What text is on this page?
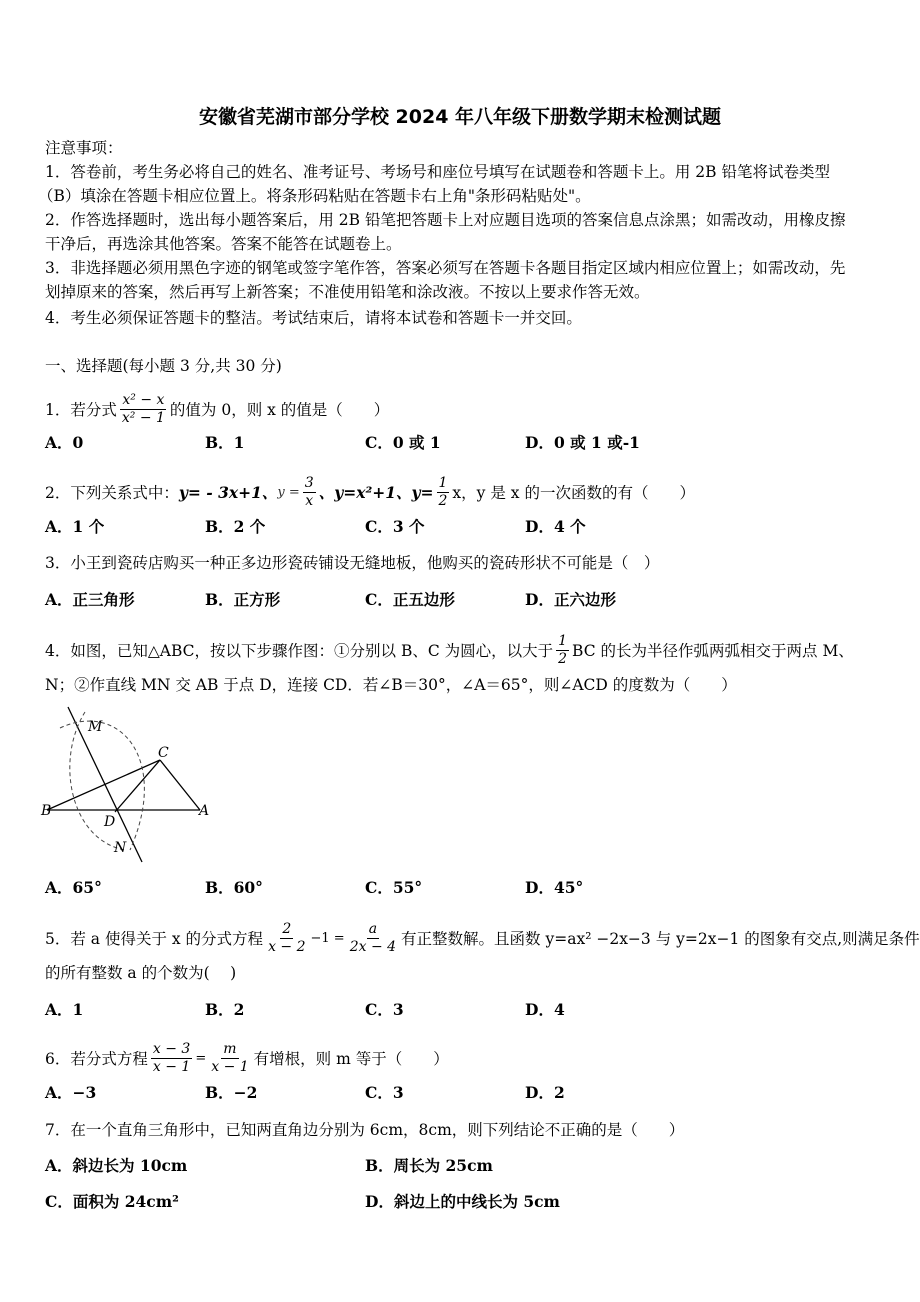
安徽省芜湖市部分学校 2024 年八年级下册数学期末检测试题
注意事项：
1．答卷前，考生务必将自己的姓名、准考证号、考场号和座位号填写在试题卷和答题卡上。用 2B 铅笔将试卷类型
（B）填涂在答题卡相应位置上。将条形码粘贴在答题卡右上角"条形码粘贴处"。
2．作答选择题时，选出每小题答案后，用 2B 铅笔把答题卡上对应题目选项的答案信息点涂黑；如需改动，用橡皮擦
干净后，再选涂其他答案。答案不能答在试题卷上。
3．非选择题必须用黑色字迹的钢笔或签字笔作答，答案必须写在答题卡各题目指定区域内相应位置上；如需改动，先
划掉原来的答案，然后再写上新答案；不准使用铅笔和涂改液。不按以上要求作答无效。
4．考生必须保证答题卡的整洁。考试结束后，请将本试卷和答题卡一并交回。
一、选择题(每小题 3 分,共 30 分)
1．若分式 $\frac{\text{x² − x}}{\text{x² − 1}}$ 的值为 0，则 x 的值是（　　）
A．0	B．1	C．0 或 1	D．0 或 1 或-1
2．下列关系式中： y= - 3x+1、 $y = \frac{3}{x}$ 、y=x²+1、$y= \frac{1}{2}$ x，y 是 x 的一次函数的有（　　）
A．1 个	B．2 个	C．3 个	D．4 个
3．小王到瓷砖店购买一种正多边形瓷砖铺设无缝地板，他购买的瓷砖形状不可能是（　）
A．正三角形	B．正方形	C．正五边形	D．正六边形
4．如图，已知△ABC，按以下步骤作图：①分别以 B、C 为圆心，以大于 $\frac{1}{2}$ BC 的长为半径作弧两弧相交于两点 M、
N；②作直线 MN 交 AB 于点 D，连接 CD．若∠B＝30°，∠A＝65°，则∠ACD 的度数为（　　）
M
C
B
D
A
N
A．65°	B．60°	C．55°	D．45°
5．若 a 使得关于 x 的分式方程 $\frac{2}{x - 2} -1 = \frac{a}{2x - 4}$ 有正整数解。且函数 y=ax² −2x−3 与 y=2x−1 的图象有交点,则满足条件
的所有整数 a 的个数为(　 )
A．1	B．2	C．3	D．4
6．若分式方程 $\frac{x - 3}{x - 1} = \frac{m}{x - 1}$ 有增根，则 m 等于（　　）
A．−3	B．−2	C．3	D．2
7．在一个直角三角形中，已知两直角边分别为 6cm，8cm，则下列结论不正确的是（　　）
A．斜边长为 10cm	B．周长为 25cm
C．面积为 24cm²	D．斜边上的中线长为 5cm
